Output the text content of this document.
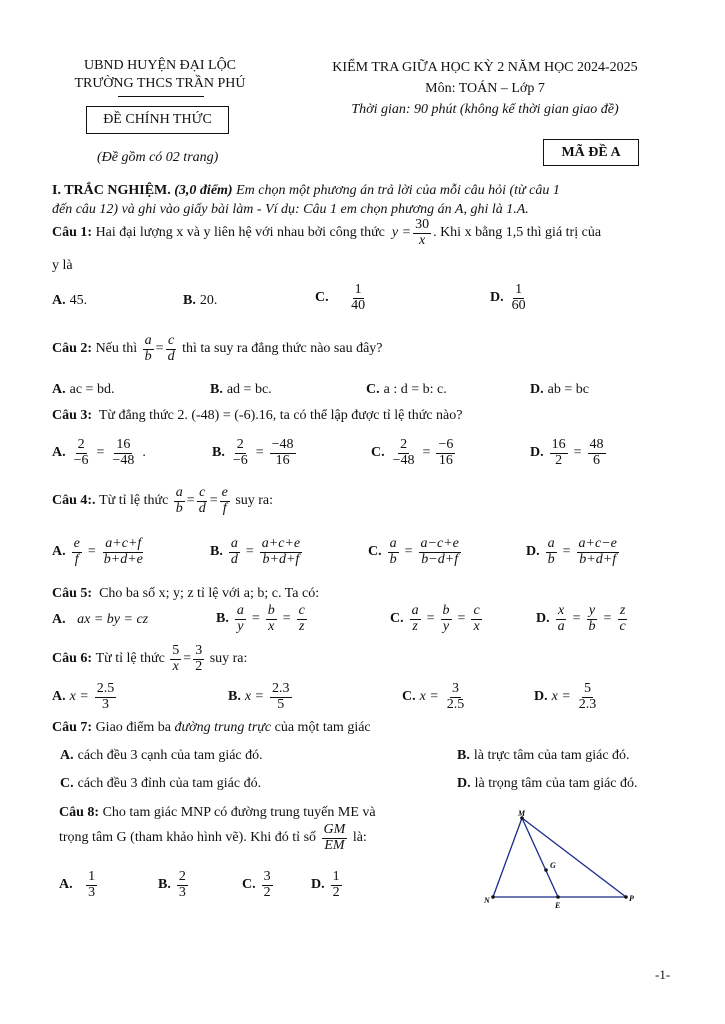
UBND HUYỆN ĐẠI LỘC
TRƯỜNG THCS TRẦN PHÚ
ĐỀ CHÍNH THỨC
(Đề gồm có 02 trang)
KIỂM TRA GIỮA HỌC KỲ 2 NĂM HỌC 2024-2025
Môn: TOÁN – Lớp 7
Thời gian: 90 phút (không kể thời gian giao đề)
MÃ ĐỀ A
I. TRẮC NGHIỆM. (3,0 điểm) Em chọn một phương án trả lời của mỗi câu hỏi (từ câu 1
đến câu 12) và ghi vào giấy bài làm - Ví dụ: Câu 1 em chọn phương án A, ghi là 1.A.
Câu 1:
Hai đại lượng x và y liên hệ với nhau bởi công thức
$y = \frac{30}{x}$ . Khi x bằng 1,5 thì giá trị của
y là
A. 45.	B. 20.	C.
$\frac{1}{40}$	D. $\frac{1}{60}$
Câu 2:
Nếu thì
$\frac{a}{b} = \frac{c}{d}$
thì ta suy ra đẳng thức nào sau đây?
A. ac = bd.	B. ad = bc.	C. a : d = b: c.	D. ab = bc
Câu 3: Từ đẳng thức 2. (-48) = (-6).16, ta có thể lập được tỉ lệ thức nào?
A. $\frac{2}{-6} = \frac{16}{-48}$ .	B. $\frac{2}{-6} = \frac{-48}{16}$	C. $\frac{2}{-48} = \frac{-6}{16}$	D. $\frac{16}{2} = \frac{48}{6}$
Câu 4:.
Từ tỉ lệ thức
$\frac{a}{b} = \frac{c}{d} = \frac{e}{f}$
suy ra:
A. $\frac{e}{f} = \frac{a+c+f}{b+d+e}$	B. $\frac{a}{d} = \frac{a+c+e}{b+d+f}$	C. $\frac{a}{b} = \frac{a-c+e}{b-d+f}$	D. $\frac{a}{b} = \frac{a+c-e}{b+d+f}$
Câu 5: Cho ba số x; y; z tỉ lệ với a; b; c. Ta có:
A.
ax = by = cz	B. $\frac{a}{y} = \frac{b}{x} = \frac{c}{z}$	C. $\frac{a}{z} = \frac{b}{y} = \frac{c}{x}$	D. $\frac{x}{a} = \frac{y}{b} = \frac{z}{c}$
Câu 6:
Từ tỉ lệ thức
$\frac{5}{x} = \frac{3}{2}$
suy ra:
A. $x = \frac{2.5}{3}$	B. $x = \frac{2.3}{5}$	C. $x = \frac{3}{2.5}$	D. $x = \frac{5}{2.3}$
Câu 7: Giao điểm ba đường trung trực của một tam giác
A. cách đều 3 cạnh của tam giác đó.	B. là trực tâm của tam giác đó.
C. cách đều 3 đỉnh của tam giác đó.	D. là trọng tâm của tam giác đó.
Câu 8: Cho tam giác MNP có đường trung tuyến ME và
trọng tâm G (tham khảo hình vẽ). Khi đó tỉ số
$\frac{GM}{EM}$
là:
A.
$\frac{1}{3}$	B. $\frac{2}{3}$	C. $\frac{3}{2}$	D. $\frac{1}{2}$
M
N	P
E
G
-1-
